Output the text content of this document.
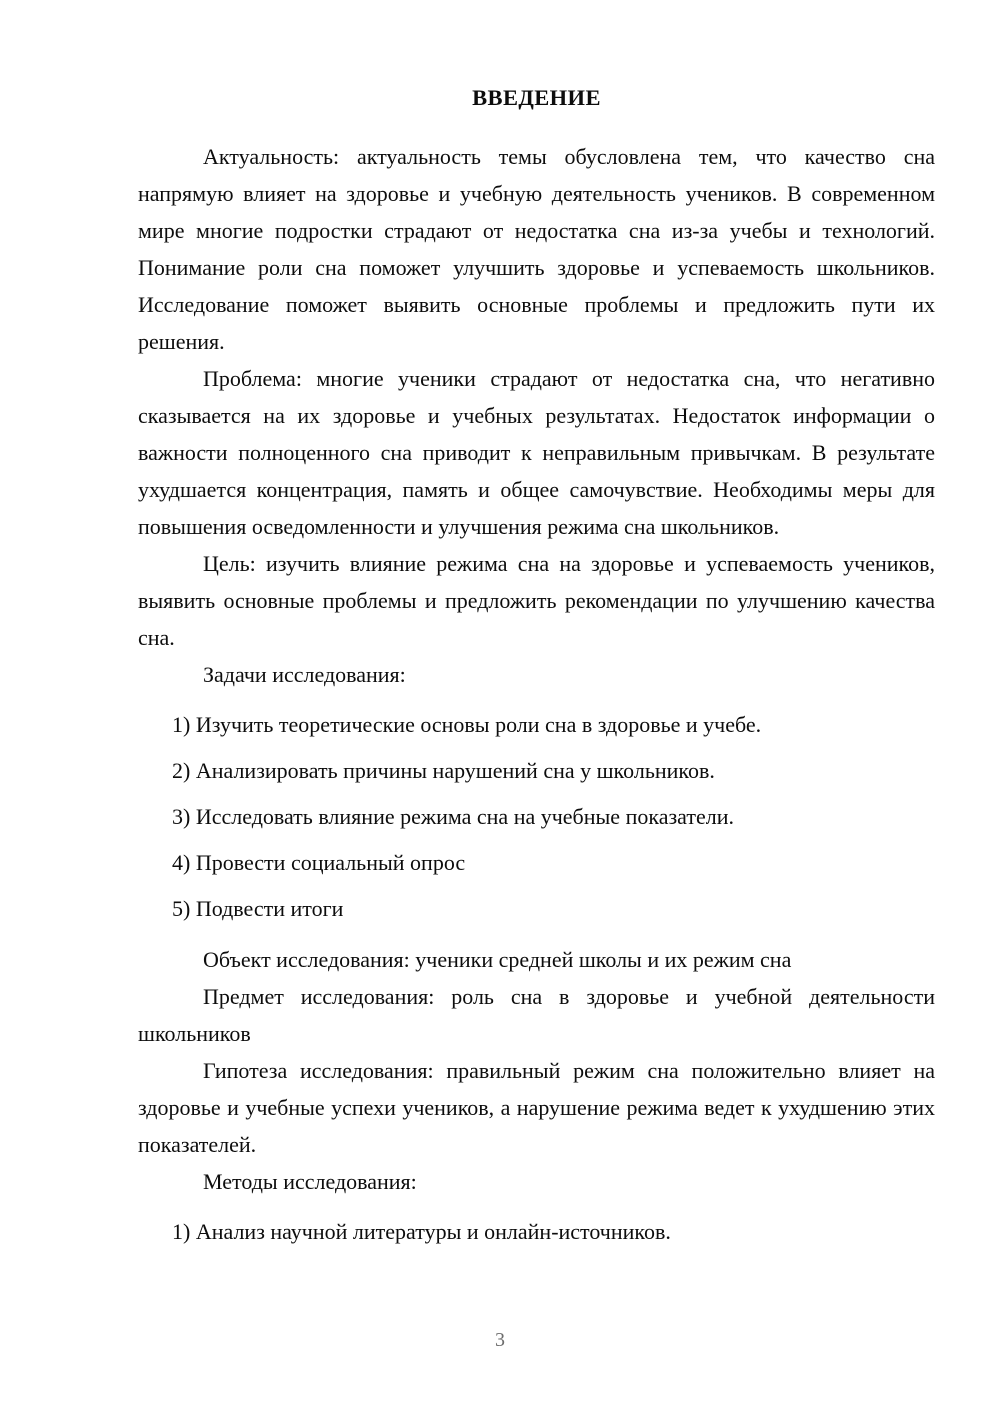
ВВЕДЕНИЕ

Актуальность: актуальность темы обусловлена тем, что качество сна напрямую влияет на здоровье и учебную деятельность учеников. В современном мире многие подростки страдают от недостатка сна из-за учебы и технологий. Понимание роли сна поможет улучшить здоровье и успеваемость школьников. Исследование поможет выявить основные проблемы и предложить пути их решения.

Проблема: многие ученики страдают от недостатка сна, что негативно сказывается на их здоровье и учебных результатах. Недостаток информации о важности полноценного сна приводит к неправильным привычкам. В результате ухудшается концентрация, память и общее самочувствие. Необходимы меры для повышения осведомленности и улучшения режима сна школьников.

Цель: изучить влияние режима сна на здоровье и успеваемость учеников, выявить основные проблемы и предложить рекомендации по улучшению качества сна.

Задачи исследования:

1) Изучить теоретические основы роли сна в здоровье и учебе.
2) Анализировать причины нарушений сна у школьников.
3) Исследовать влияние режима сна на учебные показатели.
4) Провести социальный опрос
5) Подвести итоги

Объект исследования: ученики средней школы и их режим сна

Предмет исследования: роль сна в здоровье и учебной деятельности школьников

Гипотеза исследования: правильный режим сна положительно влияет на здоровье и учебные успехи учеников, а нарушение режима ведет к ухудшению этих показателей.

Методы исследования:

1) Анализ научной литературы и онлайн-источников.
3
